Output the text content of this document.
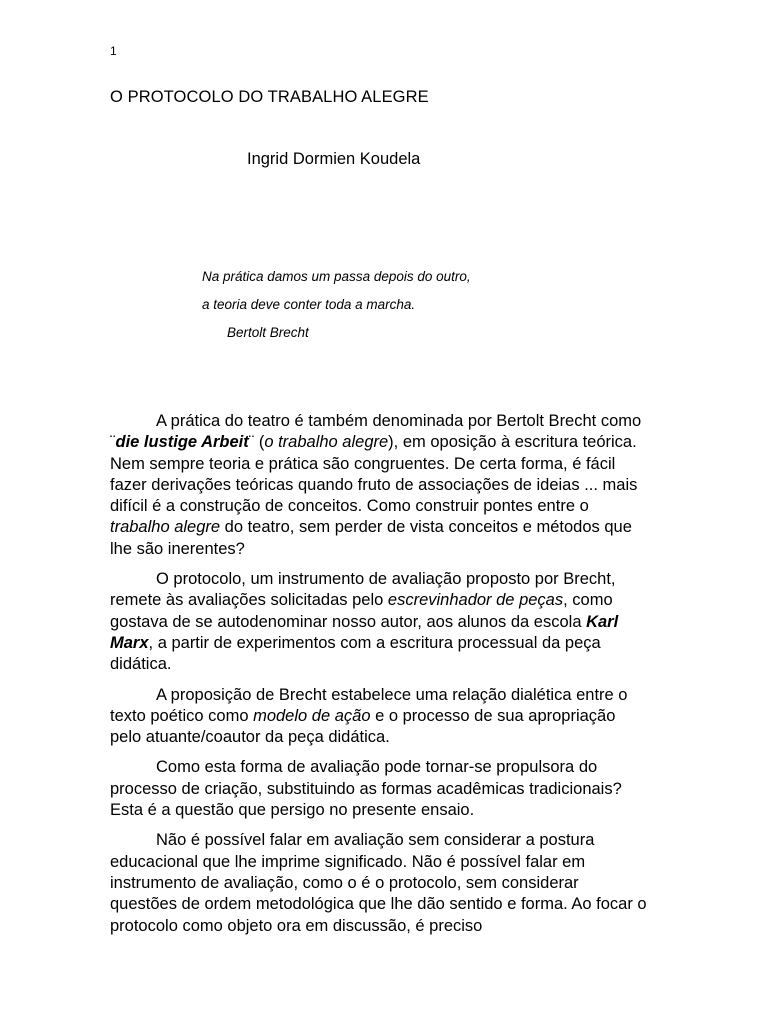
1
O PROTOCOLO DO TRABALHO ALEGRE
Ingrid Dormien Koudela
Na prática damos um passa depois do outro,
a teoria deve conter toda a marcha.
Bertolt Brecht

A prática do teatro é também denominada por Bertolt Brecht como ¨die lustige Arbeit¨ (o trabalho alegre), em oposição à escritura teórica. Nem sempre teoria e prática são congruentes. De certa forma, é fácil fazer derivações teóricas quando fruto de associações de ideias ... mais difícil é a construção de conceitos. Como construir pontes entre o trabalho alegre do teatro, sem perder de vista conceitos e métodos que lhe são inerentes?

O protocolo, um instrumento de avaliação proposto por Brecht, remete às avaliações solicitadas pelo escrevinhador de peças, como gostava de se autodenominar nosso autor, aos alunos da escola Karl Marx, a partir de experimentos com a escritura processual da peça didática.

A proposição de Brecht estabelece uma relação dialética entre o texto poético como modelo de ação e o processo de sua apropriação pelo atuante/coautor da peça didática.

Como esta forma de avaliação pode tornar-se propulsora do processo de criação, substituindo as formas acadêmicas tradicionais? Esta é a questão que persigo no presente ensaio.

Não é possível falar em avaliação sem considerar a postura educacional que lhe imprime significado. Não é possível falar em instrumento de avaliação, como o é o protocolo, sem considerar questões de ordem metodológica que lhe dão sentido e forma. Ao focar o protocolo como objeto ora em discussão, é preciso
